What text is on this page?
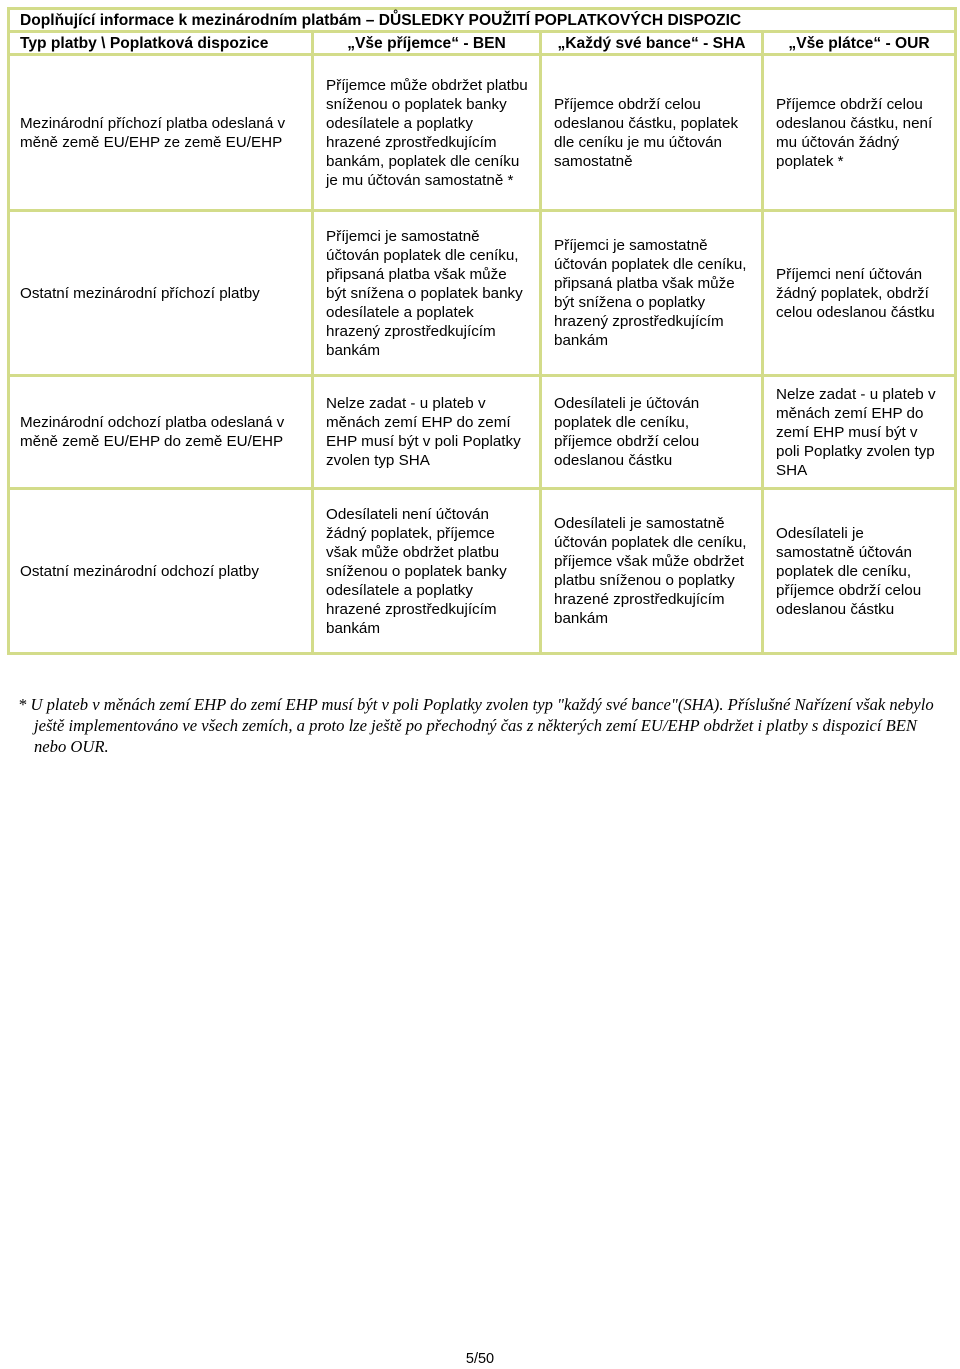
Doplňující informace k mezinárodním platbám – DŮSLEDKY POUŽITÍ POPLATKOVÝCH DISPOZIC			
Typ platby \ Poplatková dispozice	„Vše příjemce“ - BEN	„Každý své bance“ - SHA	„Vše plátce“ - OUR
Mezinárodní příchozí platba odeslaná v měně země EU/EHP ze země EU/EHP	Příjemce může obdržet platbu sníženou o poplatek banky odesílatele a poplatky hrazené zprostředkujícím bankám, poplatek dle ceníku je mu účtován samostatně *	Příjemce obdrží celou odeslanou částku, poplatek dle ceníku je mu účtován samostatně	Příjemce obdrží celou odeslanou částku, není mu účtován žádný poplatek *
Ostatní mezinárodní příchozí platby	Příjemci je samostatně účtován poplatek dle ceníku, připsaná platba však může být snížena o poplatek banky odesílatele a poplatek hrazený zprostředkujícím bankám	Příjemci je samostatně účtován poplatek dle ceníku, připsaná platba však může být snížena o poplatky hrazený zprostředkujícím bankám	Příjemci není účtován žádný poplatek, obdrží celou odeslanou částku
Mezinárodní odchozí platba odeslaná v měně země EU/EHP do země EU/EHP	Nelze zadat - u plateb v měnách zemí EHP do zemí EHP musí být v poli Poplatky zvolen typ SHA	Odesílateli je účtován poplatek dle ceníku, příjemce obdrží celou odeslanou částku	Nelze zadat - u plateb v měnách zemí EHP do zemí EHP musí být v poli Poplatky zvolen typ SHA
Ostatní mezinárodní odchozí platby	Odesílateli není účtován žádný poplatek, příjemce však může obdržet platbu sníženou o poplatek banky odesílatele a poplatky hrazené zprostředkujícím bankám	Odesílateli je samostatně účtován poplatek dle ceníku, příjemce však může obdržet platbu sníženou o poplatky hrazené zprostředkujícím bankám	Odesílateli je samostatně účtován poplatek dle ceníku, příjemce obdrží celou odeslanou částku
* U plateb v měnách zemí EHP do zemí EHP musí být v poli Poplatky zvolen typ "každý své bance"(SHA). Příslušné Nařízení však nebylo ještě implementováno ve všech zemích, a proto lze ještě po přechodný čas z některých zemí EU/EHP obdržet i platby s dispozicí BEN nebo OUR.
5/50
